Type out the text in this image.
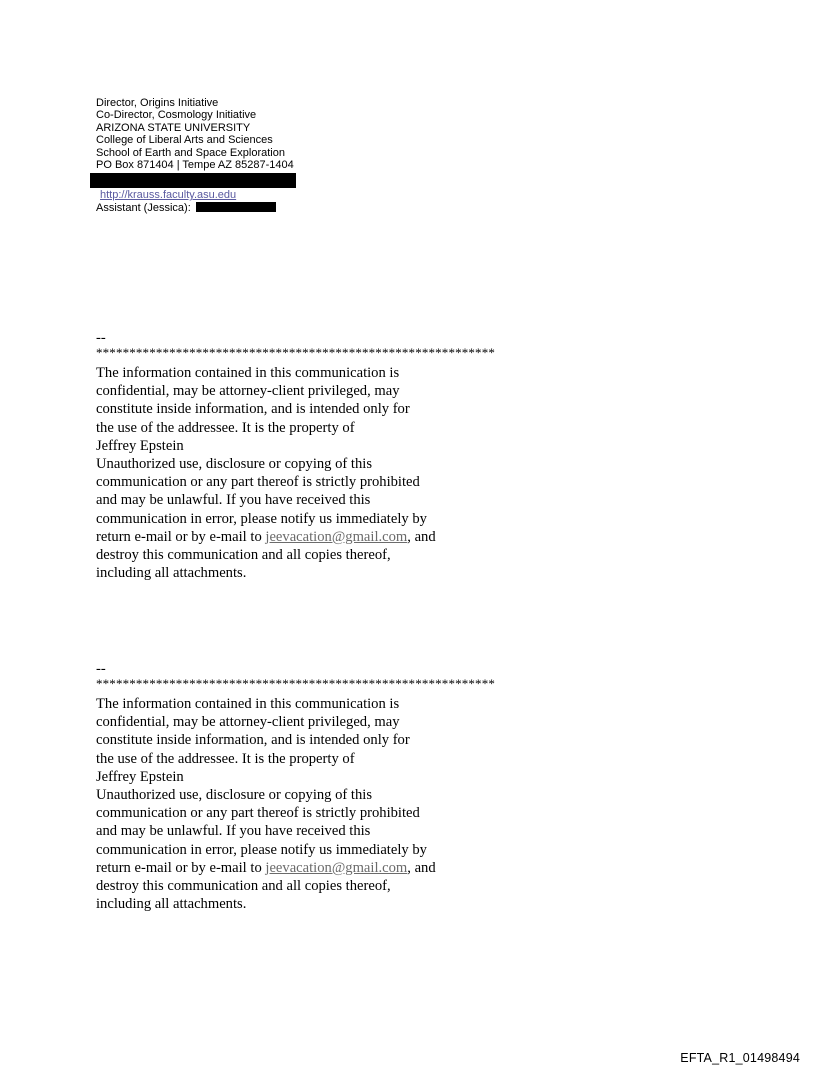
Director, Origins Initiative
Co-Director, Cosmology Initiative
ARIZONA STATE UNIVERSITY
College of Liberal Arts and Sciences
School of Earth and Space Exploration
PO Box 871404 | Tempe AZ 85287-1404
http://krauss.faculty.asu.edu
Assistant (Jessica):
--
************************************************************
The information contained in this communication is
confidential, may be attorney-client privileged, may
constitute inside information, and is intended only for
the use of the addressee. It is the property of
Jeffrey Epstein
Unauthorized use, disclosure or copying of this
communication or any part thereof is strictly prohibited
and may be unlawful. If you have received this
communication in error, please notify us immediately by
return e-mail or by e-mail to jeevacation@gmail.com, and
destroy this communication and all copies thereof,
including all attachments.
--
************************************************************
The information contained in this communication is
confidential, may be attorney-client privileged, may
constitute inside information, and is intended only for
the use of the addressee. It is the property of
Jeffrey Epstein
Unauthorized use, disclosure or copying of this
communication or any part thereof is strictly prohibited
and may be unlawful. If you have received this
communication in error, please notify us immediately by
return e-mail or by e-mail to jeevacation@gmail.com, and
destroy this communication and all copies thereof,
including all attachments.
EFTA_R1_01498494
